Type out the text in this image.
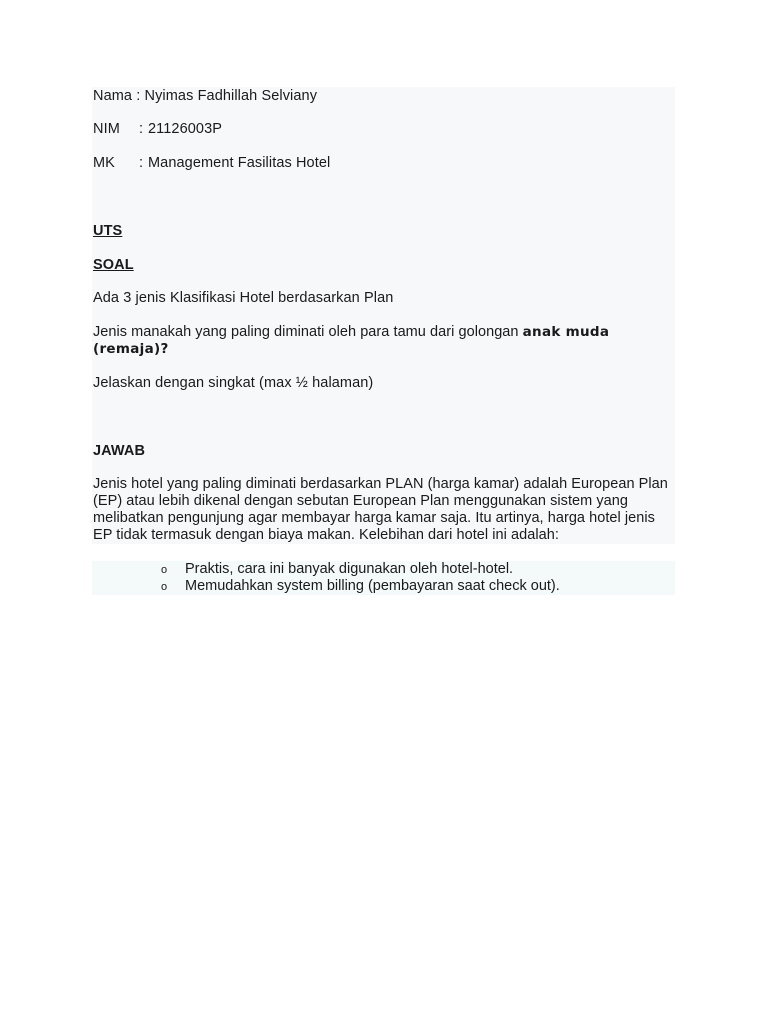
Nama : Nyimas Fadhillah Selviany
NIM : 21126003P
MK : Management Fasilitas Hotel
UTS
SOAL
Ada 3 jenis Klasifikasi Hotel berdasarkan Plan
Jenis manakah yang paling diminati oleh para tamu dari golongan anak muda (remaja)?
Jelaskan dengan singkat (max ½ halaman)
JAWAB
Jenis hotel yang paling diminati berdasarkan PLAN (harga kamar) adalah European Plan (EP) atau lebih dikenal dengan sebutan European Plan menggunakan sistem yang melibatkan pengunjung agar membayar harga kamar saja. Itu artinya, harga hotel jenis EP tidak termasuk dengan biaya makan. Kelebihan dari hotel ini adalah:
o Praktis, cara ini banyak digunakan oleh hotel-hotel.
o Memudahkan system billing (pembayaran saat check out).
